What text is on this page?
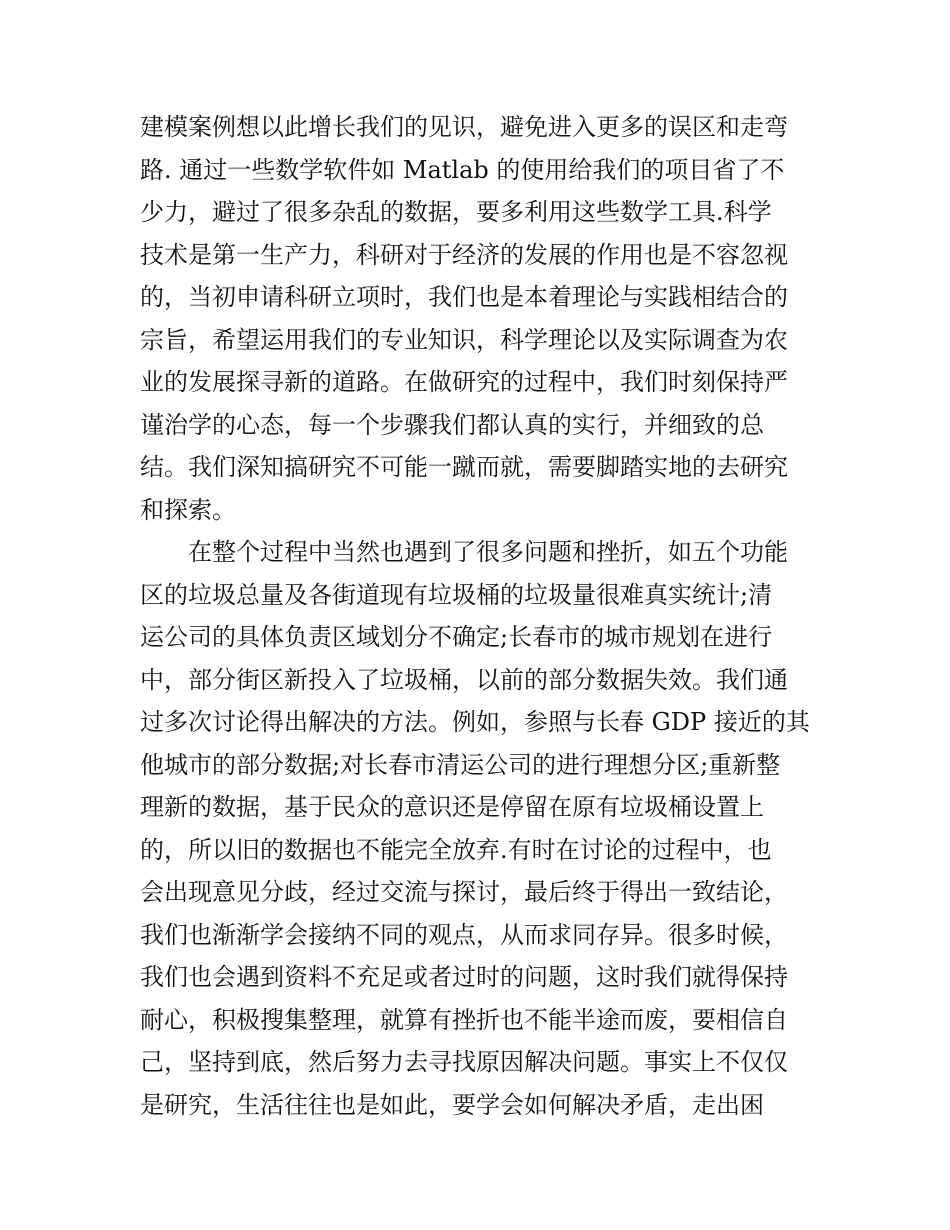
建模案例想以此增长我们的见识，避免进入更多的误区和走弯
路. 通过一些数学软件如 Matlab 的使用给我们的项目省了不
少力，避过了很多杂乱的数据，要多利用这些数学工具.科学
技术是第一生产力，科研对于经济的发展的作用也是不容忽视
的，当初申请科研立项时，我们也是本着理论与实践相结合的
宗旨，希望运用我们的专业知识，科学理论以及实际调查为农
业的发展探寻新的道路。在做研究的过程中，我们时刻保持严
谨治学的心态，每一个步骤我们都认真的实行，并细致的总
结。我们深知搞研究不可能一蹴而就，需要脚踏实地的去研究
和探索。
在整个过程中当然也遇到了很多问题和挫折，如五个功能
区的垃圾总量及各街道现有垃圾桶的垃圾量很难真实统计;清
运公司的具体负责区域划分不确定;长春市的城市规划在进行
中，部分街区新投入了垃圾桶，以前的部分数据失效。我们通
过多次讨论得出解决的方法。例如，参照与长春 GDP 接近的其
他城市的部分数据;对长春市清运公司的进行理想分区;重新整
理新的数据，基于民众的意识还是停留在原有垃圾桶设置上
的，所以旧的数据也不能完全放弃.有时在讨论的过程中，也
会出现意见分歧，经过交流与探讨，最后终于得出一致结论，
我们也渐渐学会接纳不同的观点，从而求同存异。很多时候，
我们也会遇到资料不充足或者过时的问题，这时我们就得保持
耐心，积极搜集整理，就算有挫折也不能半途而废，要相信自
己，坚持到底，然后努力去寻找原因解决问题。事实上不仅仅
是研究，生活往往也是如此，要学会如何解决矛盾，走出困
